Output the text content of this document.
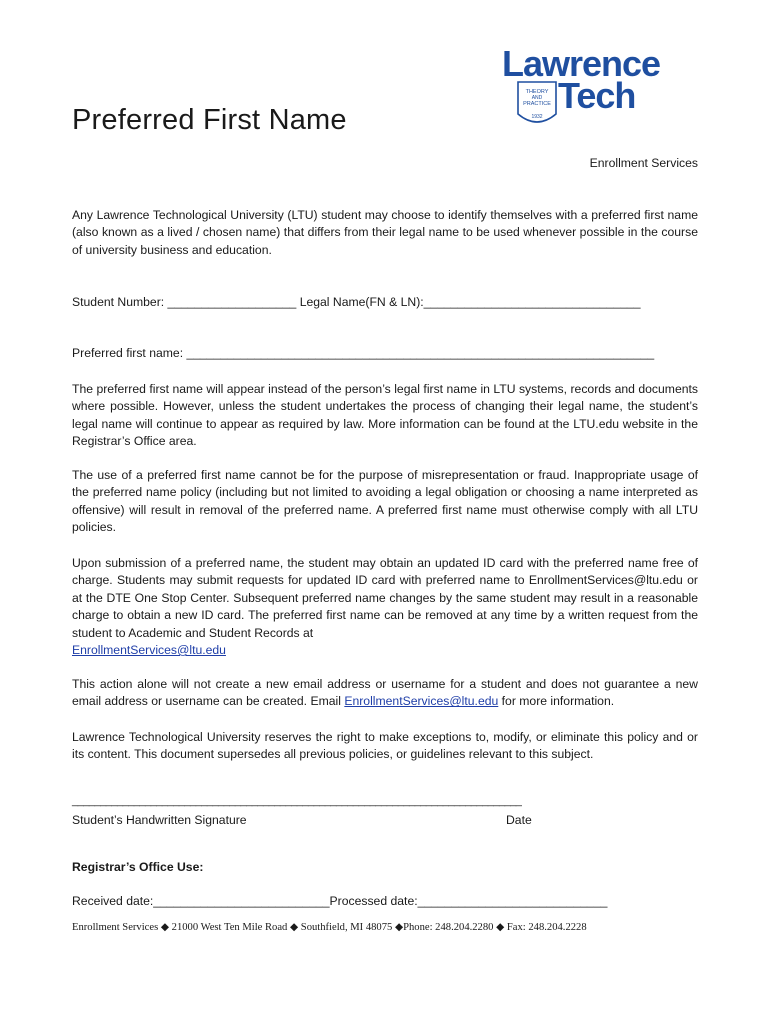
Lawrence
THEORY
AND
PRACTICE
1932
Tech
Preferred First Name
Enrollment Services

Any Lawrence Technological University (LTU) student may choose to identify themselves with a preferred first name (also known as a lived / chosen name) that differs from their legal name to be used whenever possible in the course of university business and education.

Student Number: ___________________ Legal Name(FN & LN):________________________________
Preferred first name: _____________________________________________________________________

The preferred first name will appear instead of the person’s legal first name in LTU systems, records and documents where possible. However, unless the student undertakes the process of changing their legal name, the student’s legal name will continue to appear as required by law. More information can be found at the LTU.edu website in the Registrar’s Office area.

The use of a preferred first name cannot be for the purpose of misrepresentation or fraud. Inappropriate usage of the preferred name policy (including but not limited to avoiding a legal obligation or choosing a name interpreted as offensive) will result in removal of the preferred name. A preferred first name must otherwise comply with all LTU policies.

Upon submission of a preferred name, the student may obtain an updated ID card with the preferred name free of charge. Students may submit requests for updated ID card with preferred name to EnrollmentServices@ltu.edu or at the DTE One Stop Center. Subsequent preferred name changes by the same student may result in a reasonable charge to obtain a new ID card. The preferred first name can be removed at any time by a written request from the student to Academic and Student Records at
EnrollmentServices@ltu.edu
This action alone will not create a new email address or username for a student and does not guarantee a new email address or username can be created. Email EnrollmentServices@ltu.edu for more information.

Lawrence Technological University reserves the right to make exceptions to, modify, or eliminate this policy and or its content. This document supersedes all previous policies, or guidelines relevant to this subject.

________________________________________________________________________________
Student’s Handwritten Signature	Date
Registrar’s Office Use:
Received date:__________________________Processed date:____________________________
Enrollment Services ◆ 21000 West Ten Mile Road ◆ Southfield, MI 48075 ◆Phone: 248.204.2280 ◆ Fax: 248.204.2228
